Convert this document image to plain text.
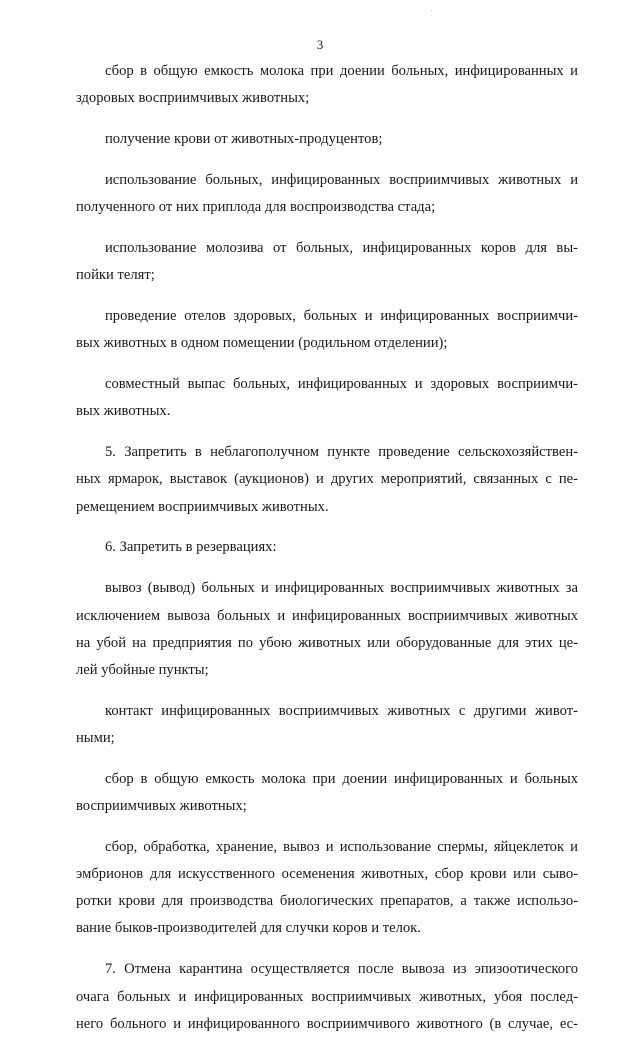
3
сбор в общую емкость молока при доении больных, инфицированных и
здоровых восприимчивых животных;
получение крови от животных-продуцентов;
использование больных, инфицированных восприимчивых животных и
полученного от них приплода для воспроизводства стада;
использование молозива от больных, инфицированных коров для вы-
пойки телят;
проведение отелов здоровых, больных и инфицированных восприимчи-
вых животных в одном помещении (родильном отделении);
совместный выпас больных, инфицированных и здоровых восприимчи-
вых животных.
5. Запретить в неблагополучном пункте проведение сельскохозяйствен-
ных ярмарок, выставок (аукционов) и других мероприятий, связанных с пе-
ремещением восприимчивых животных.
6. Запретить в резервациях:
вывоз (вывод) больных и инфицированных восприимчивых животных за
исключением вывоза больных и инфицированных восприимчивых животных
на убой на предприятия по убою животных или оборудованные для этих це-
лей убойные пункты;
контакт инфицированных восприимчивых животных с другими живот-
ными;
сбор в общую емкость молока при доении инфицированных и больных
восприимчивых животных;
сбор, обработка, хранение, вывоз и использование спермы, яйцеклеток и
эмбрионов для искусственного осеменения животных, сбор крови или сыво-
ротки крови для производства биологических препаратов, а также использо-
вание быков-производителей для случки коров и телок.
7. Отмена карантина осуществляется после вывоза из эпизоотического
очага больных и инфицированных восприимчивых животных, убоя послед-
него больного и инфицированного восприимчивого животного (в случае, ес-
